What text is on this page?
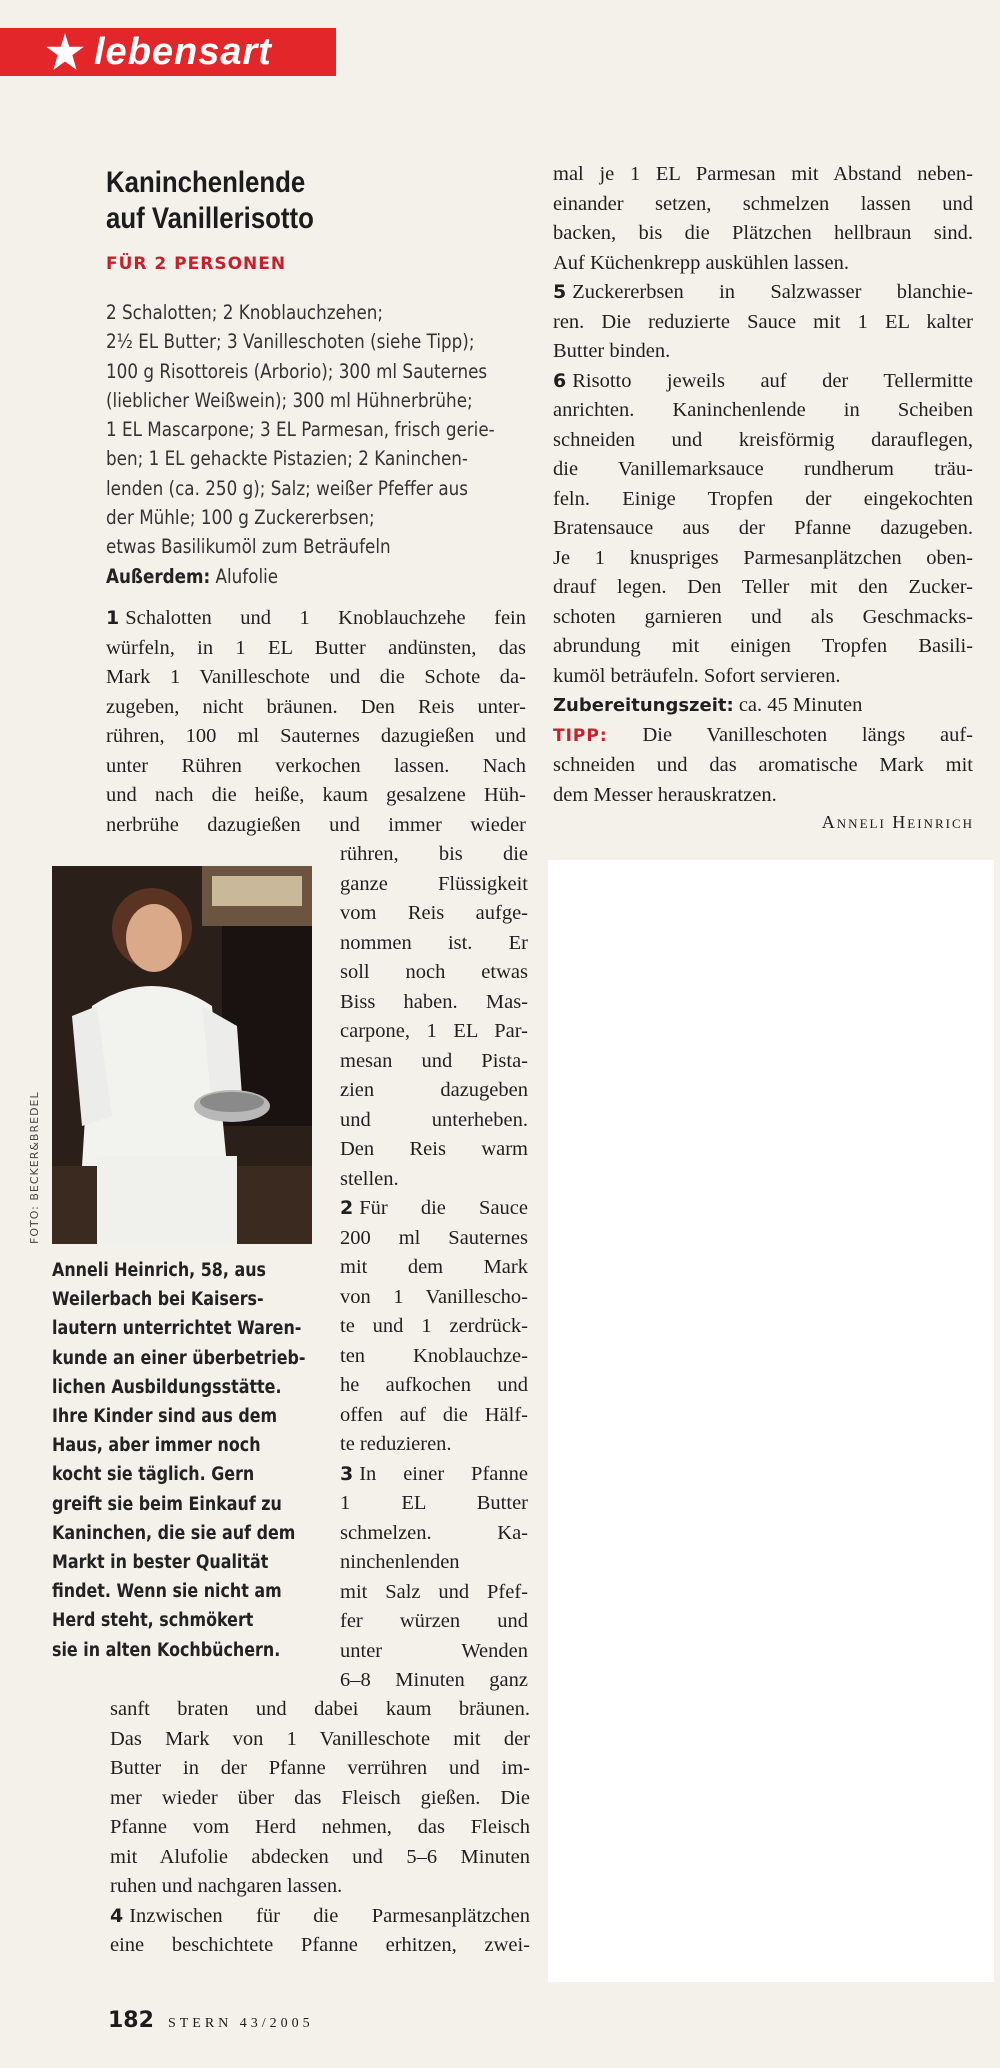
lebensart
Kaninchenlende
auf Vanillerisotto
FÜR 2 PERSONEN
2 Schalotten; 2 Knoblauchzehen;
2½ EL Butter; 3 Vanilleschoten (siehe Tipp);
100 g Risottoreis (Arborio); 300 ml Sauternes
(lieblicher Weißwein); 300 ml Hühnerbrühe;
1 EL Mascarpone; 3 EL Parmesan, frisch gerie-
ben; 1 EL gehackte Pistazien; 2 Kaninchen-
lenden (ca. 250 g); Salz; weißer Pfeffer aus
der Mühle; 100 g Zuckererbsen;
etwas Basilikumöl zum Beträufeln
Außerdem: Alufolie
1 Schalotten und 1 Knoblauchzehe fein
würfeln, in 1 EL Butter andünsten, das
Mark 1 Vanilleschote und die Schote da-
zugeben, nicht bräunen. Den Reis unter-
rühren, 100 ml Sauternes dazugießen und
unter Rühren verkochen lassen. Nach
und nach die heiße, kaum gesalzene Hüh-
nerbrühe dazugießen und immer wieder
rühren, bis die
ganze Flüssigkeit
vom Reis aufge-
nommen ist. Er
soll noch etwas
Biss haben. Mas-
carpone, 1 EL Par-
mesan und Pista-
zien dazugeben
und unterheben.
Den Reis warm
stellen.
2 Für die Sauce
200 ml Sauternes
mit dem Mark
von 1 Vanillescho-
te und 1 zerdrück-
ten Knoblauchze-
he aufkochen und
offen auf die Hälf-
te reduzieren.
3 In einer Pfanne
1 EL Butter
schmelzen. Ka-
ninchenlenden
mit Salz und Pfef-
fer würzen und
unter Wenden
6–8 Minuten ganz
FOTO: BECKER&BREDEL
Anneli Heinrich, 58, aus
Weilerbach bei Kaisers-
lautern unterrichtet Waren-
kunde an einer überbetrieb-
lichen Ausbildungsstätte.
Ihre Kinder sind aus dem
Haus, aber immer noch
kocht sie täglich. Gern
greift sie beim Einkauf zu
Kaninchen, die sie auf dem
Markt in bester Qualität
findet. Wenn sie nicht am
Herd steht, schmökert
sie in alten Kochbüchern.
sanft braten und dabei kaum bräunen.
Das Mark von 1 Vanilleschote mit der
Butter in der Pfanne verrühren und im-
mer wieder über das Fleisch gießen. Die
Pfanne vom Herd nehmen, das Fleisch
mit Alufolie abdecken und 5–6 Minuten
ruhen und nachgaren lassen.
4 Inzwischen für die Parmesanplätzchen
eine beschichtete Pfanne erhitzen, zwei-
mal je 1 EL Parmesan mit Abstand neben-
einander setzen, schmelzen lassen und
backen, bis die Plätzchen hellbraun sind.
Auf Küchenkrepp auskühlen lassen.
5 Zuckererbsen in Salzwasser blanchie-
ren. Die reduzierte Sauce mit 1 EL kalter
Butter binden.
6 Risotto jeweils auf der Tellermitte
anrichten. Kaninchenlende in Scheiben
schneiden und kreisförmig darauflegen,
die Vanillemarksauce rundherum träu-
feln. Einige Tropfen der eingekochten
Bratensauce aus der Pfanne dazugeben.
Je 1 knuspriges Parmesanplätzchen oben-
drauf legen. Den Teller mit den Zucker-
schoten garnieren und als Geschmacks-
abrundung mit einigen Tropfen Basili-
kumöl beträufeln. Sofort servieren.
Zubereitungszeit: ca. 45 Minuten
TIPP: Die Vanilleschoten längs auf-
schneiden und das aromatische Mark mit
dem Messer herauskratzen.
Anneli Heinrich
182 STERN 43/2005
